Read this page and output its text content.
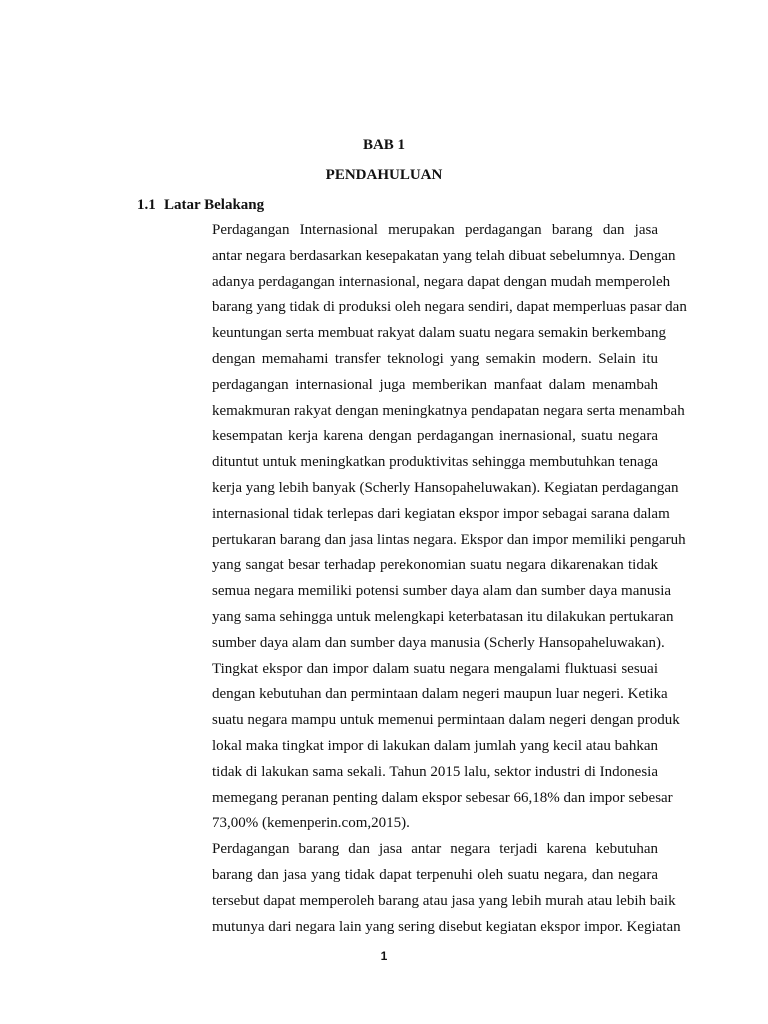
BAB 1
PENDAHULUAN
1.1 Latar Belakang

Perdagangan Internasional merupakan perdagangan barang dan jasa
antar negara berdasarkan kesepakatan yang telah dibuat sebelumnya. Dengan
adanya perdagangan internasional, negara dapat dengan mudah memperoleh
barang yang tidak di produksi oleh negara sendiri, dapat memperluas pasar dan
keuntungan serta membuat rakyat dalam suatu negara semakin berkembang
dengan memahami transfer teknologi yang semakin modern. Selain itu
perdagangan internasional juga memberikan manfaat dalam menambah
kemakmuran rakyat dengan meningkatnya pendapatan negara serta menambah
kesempatan kerja karena dengan perdagangan inernasional, suatu negara
dituntut untuk meningkatkan produktivitas sehingga membutuhkan tenaga
kerja yang lebih banyak (Scherly Hansopaheluwakan). Kegiatan perdagangan
internasional tidak terlepas dari kegiatan ekspor impor sebagai sarana dalam
pertukaran barang dan jasa lintas negara. Ekspor dan impor memiliki pengaruh
yang sangat besar terhadap perekonomian suatu negara dikarenakan tidak
semua negara memiliki potensi sumber daya alam dan sumber daya manusia
yang sama sehingga untuk melengkapi keterbatasan itu dilakukan pertukaran
sumber daya alam dan sumber daya manusia (Scherly Hansopaheluwakan).
Tingkat ekspor dan impor dalam suatu negara mengalami fluktuasi sesuai
dengan kebutuhan dan permintaan dalam negeri maupun luar negeri. Ketika
suatu negara mampu untuk memenui permintaan dalam negeri dengan produk
lokal maka tingkat impor di lakukan dalam jumlah yang kecil atau bahkan
tidak di lakukan sama sekali. Tahun 2015 lalu, sektor industri di Indonesia
memegang peranan penting dalam ekspor sebesar 66,18% dan impor sebesar
73,00% (kemenperin.com,2015).

Perdagangan barang dan jasa antar negara terjadi karena kebutuhan
barang dan jasa yang tidak dapat terpenuhi oleh suatu negara, dan negara
tersebut dapat memperoleh barang atau jasa yang lebih murah atau lebih baik
mutunya dari negara lain yang sering disebut kegiatan ekspor impor. Kegiatan

1
